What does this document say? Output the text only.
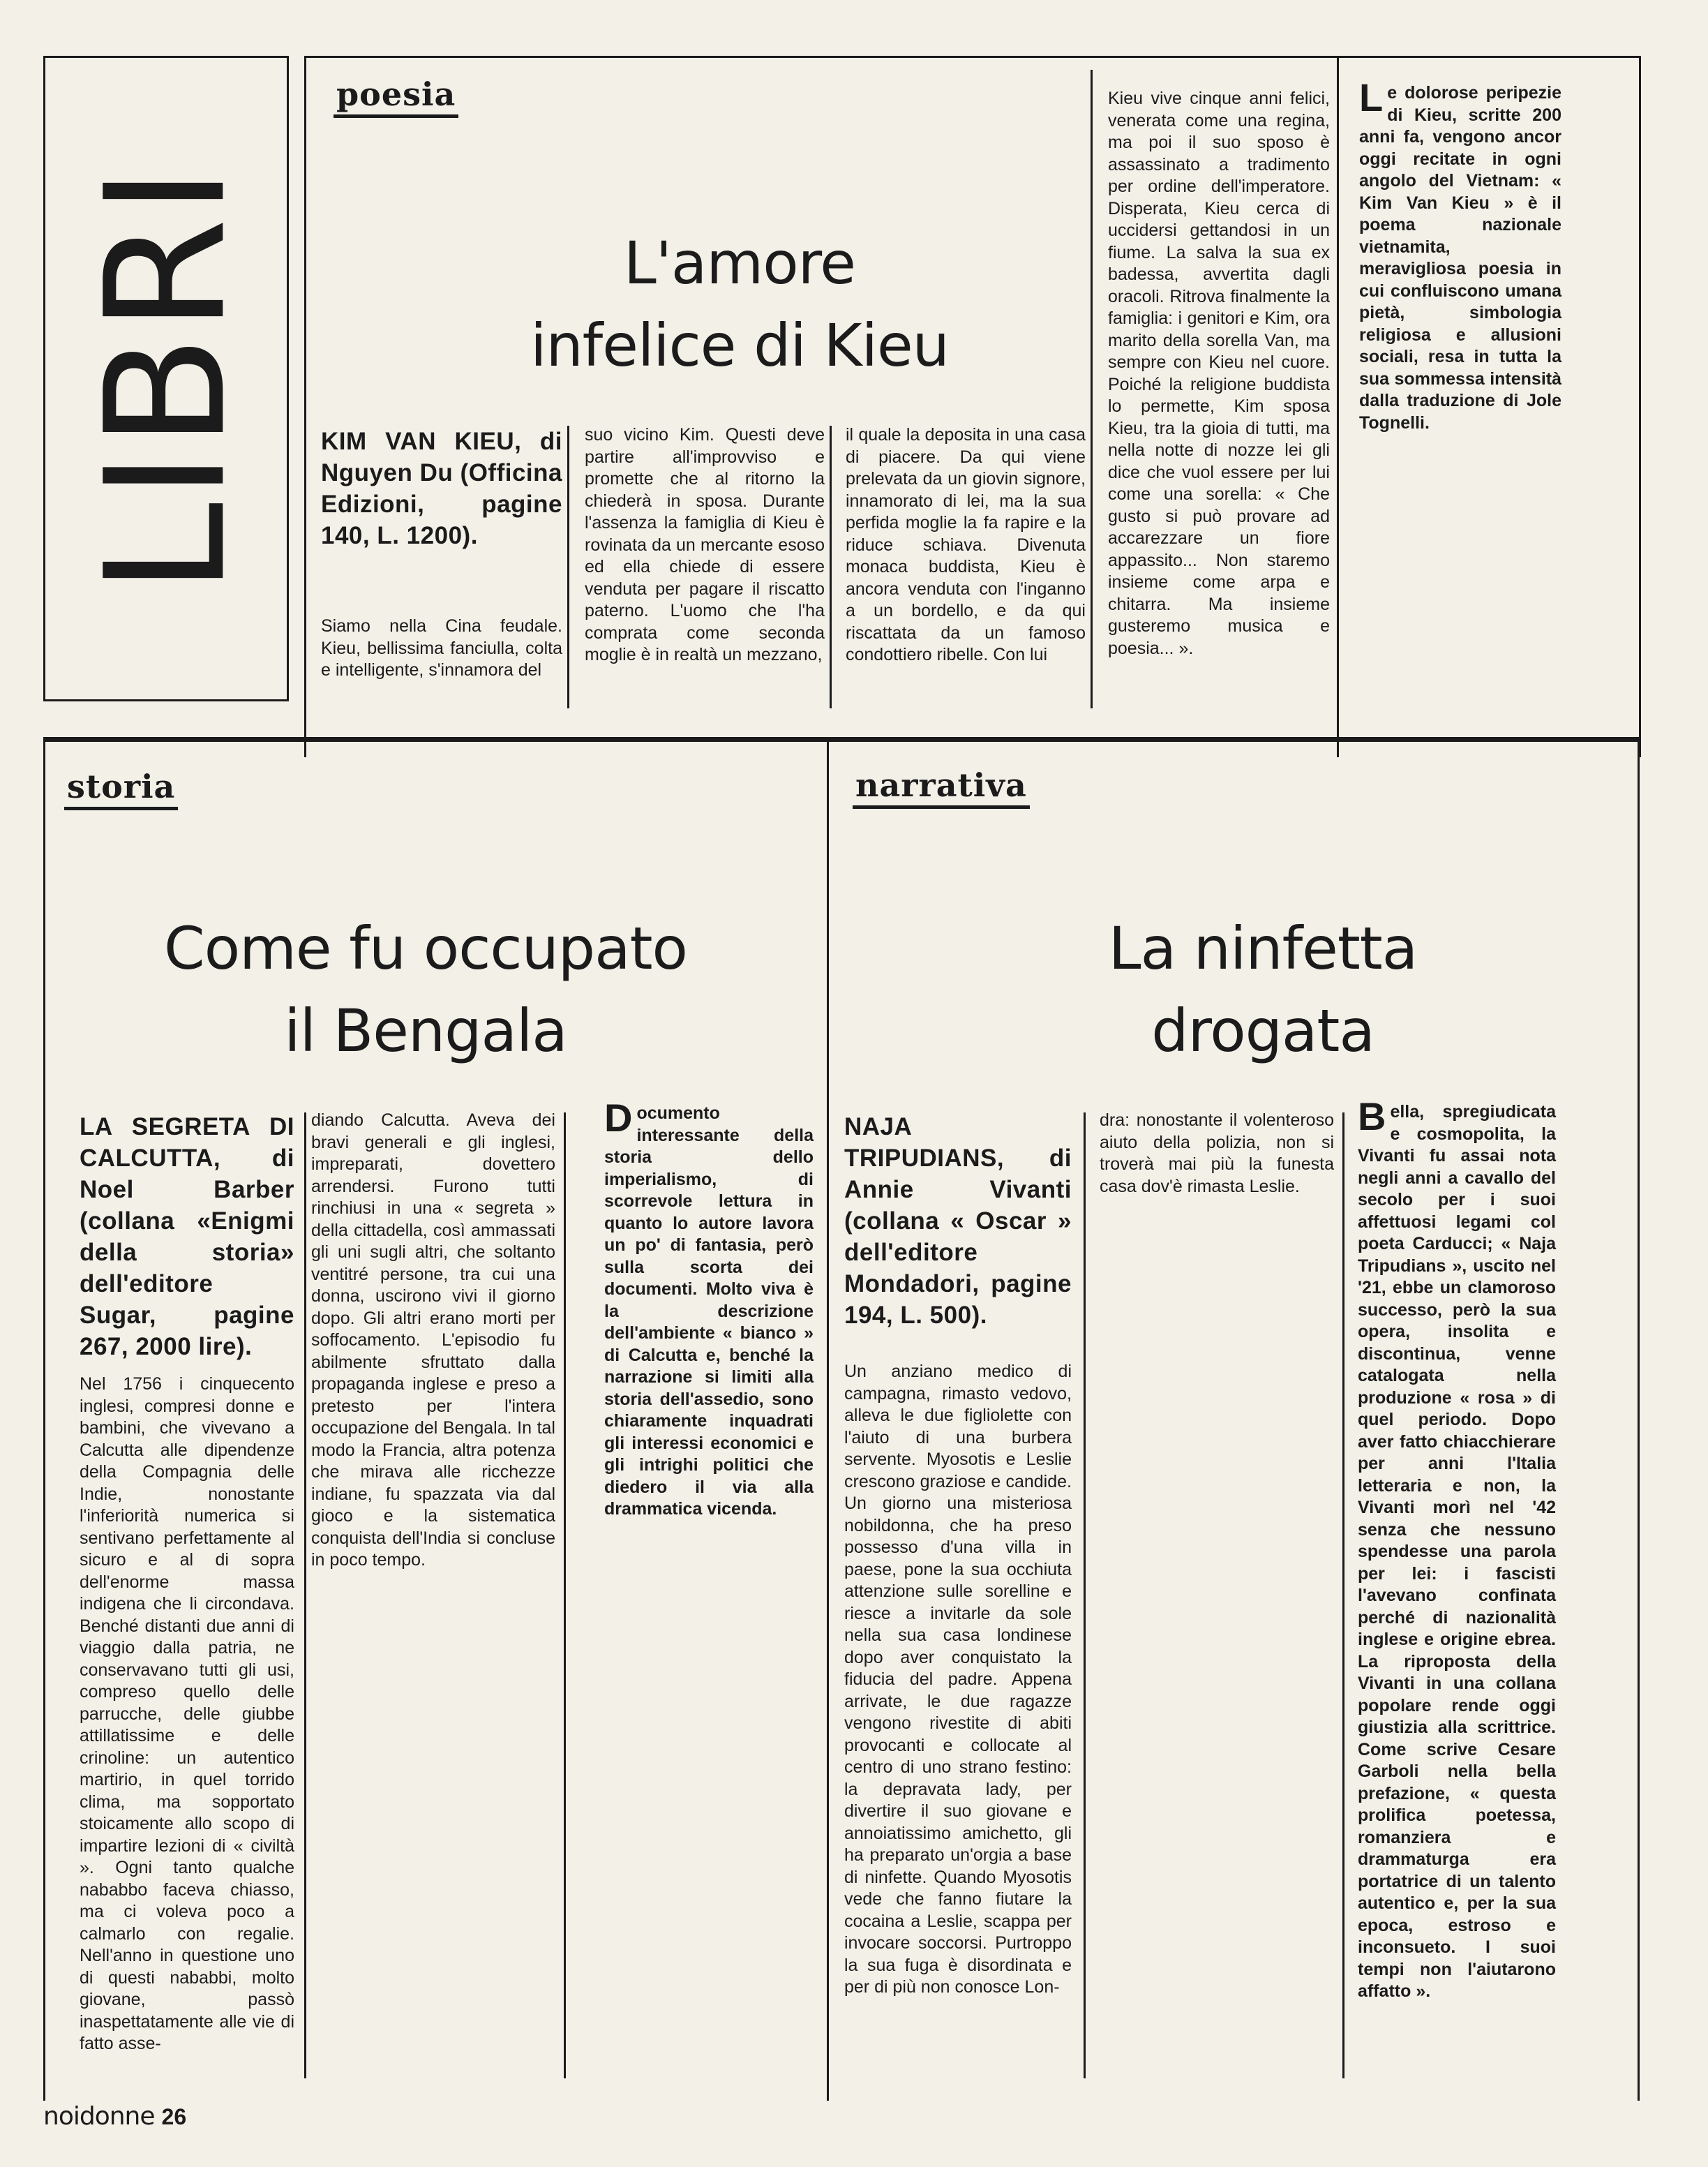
LIBRI

poesia

L'amore

infelice di Kieu

KIM VAN KIEU, di Nguyen Du (Officina Edizioni, pagine 140, L. 1200).

Siamo nella Cina feudale. Kieu, bellissima fanciulla, colta e intelligente, s'innamora del

suo vicino Kim. Questi deve partire all'improvviso e promette che al ritorno la chiederà in sposa. Durante l'assenza la famiglia di Kieu è rovinata da un mercante esoso ed ella chiede di essere venduta per pagare il riscatto paterno. L'uomo che l'ha comprata come seconda moglie è in realtà un mezzano,

il quale la deposita in una casa di piacere. Da qui viene prelevata da un giovin signore, innamorato di lei, ma la sua perfida moglie la fa rapire e la riduce schiava. Divenuta monaca buddista, Kieu è ancora venduta con l'inganno a un bordello, e da qui riscattata da un famoso condottiero ribelle. Con lui

Kieu vive cinque anni felici, venerata come una regina, ma poi il suo sposo è assassinato a tradimento per ordine dell'imperatore. Disperata, Kieu cerca di uccidersi gettandosi in un fiume. La salva la sua ex badessa, avvertita dagli oracoli. Ritrova finalmente la famiglia: i genitori e Kim, ora marito della sorella Van, ma sempre con Kieu nel cuore. Poiché la religione buddista lo permette, Kim sposa Kieu, tra la gioia di tutti, ma nella notte di nozze lei gli dice che vuol essere per lui come una sorella: « Che gusto si può provare ad accarezzare un fiore appassito... Non staremo insieme come arpa e chitarra. Ma insieme gusteremo musica e poesia... ».

Le dolorose peripezie di Kieu, scritte 200 anni fa, vengono ancor oggi recitate in ogni angolo del Vietnam: « Kim Van Kieu » è il poema nazionale vietnamita, meravigliosa poesia in cui confluiscono umana pietà, simbologia religiosa e allusioni sociali, resa in tutta la sua sommessa intensità dalla traduzione di Jole Tognelli.

storia

Come fu occupato

il Bengala

LA SEGRETA DI CALCUTTA, di Noel Barber (collana «Enigmi della storia» dell'editore Sugar, pagine 267, 2000 lire).

Nel 1756 i cinquecento inglesi, compresi donne e bambini, che vivevano a Calcutta alle dipendenze della Compagnia delle Indie, nonostante l'inferiorità numerica si sentivano perfettamente al sicuro e al di sopra dell'enorme massa indigena che li circondava. Benché distanti due anni di viaggio dalla patria, ne conservavano tutti gli usi, compreso quello delle parrucche, delle giubbe attillatissime e delle crinoline: un autentico martirio, in quel torrido clima, ma sopportato stoicamente allo scopo di impartire lezioni di « civiltà ». Ogni tanto qualche nababbo faceva chiasso, ma ci voleva poco a calmarlo con regalie. Nell'anno in questione uno di questi nababbi, molto giovane, passò inaspettatamente alle vie di fatto asse-

diando Calcutta. Aveva dei bravi generali e gli inglesi, impreparati, dovettero arrendersi. Furono tutti rinchiusi in una « segreta » della cittadella, così ammassati gli uni sugli altri, che soltanto ventitré persone, tra cui una donna, uscirono vivi il giorno dopo. Gli altri erano morti per soffocamento. L'episodio fu abilmente sfruttato dalla propaganda inglese e preso a pretesto per l'intera occupazione del Bengala. In tal modo la Francia, altra potenza che mirava alle ricchezze indiane, fu spazzata via dal gioco e la sistematica conquista dell'India si concluse in poco tempo.

Documento interessante della storia dello imperialismo, di scorrevole lettura in quanto lo autore lavora un po' di fantasia, però sulla scorta dei documenti. Molto viva è la descrizione dell'ambiente « bianco » di Calcutta e, benché la narrazione si limiti alla storia dell'assedio, sono chiaramente inquadrati gli interessi economici e gli intrighi politici che diedero il via alla drammatica vicenda.

narrativa

La ninfetta

drogata

NAJA TRIPUDIANS, di Annie Vivanti (collana « Oscar » dell'editore Mondadori, pagine 194, L. 500).

Un anziano medico di campagna, rimasto vedovo, alleva le due figliolette con l'aiuto di una burbera servente. Myosotis e Leslie crescono graziose e candide. Un giorno una misteriosa nobildonna, che ha preso possesso d'una villa in paese, pone la sua occhiuta attenzione sulle sorelline e riesce a invitarle da sole nella sua casa londinese dopo aver conquistato la fiducia del padre. Appena arrivate, le due ragazze vengono rivestite di abiti provocanti e collocate al centro di uno strano festino: la depravata lady, per divertire il suo giovane e annoiatissimo amichetto, gli ha preparato un'orgia a base di ninfette. Quando Myosotis vede che fanno fiutare la cocaina a Leslie, scappa per invocare soccorsi. Purtroppo la sua fuga è disordinata e per di più non conosce Lon-

dra: nonostante il volenteroso aiuto della polizia, non si troverà mai più la funesta casa dov'è rimasta Leslie.

Bella, spregiudicata e cosmopolita, la Vivanti fu assai nota negli anni a cavallo del secolo per i suoi affettuosi legami col poeta Carducci; « Naja Tripudians », uscito nel '21, ebbe un clamoroso successo, però la sua opera, insolita e discontinua, venne catalogata nella produzione « rosa » di quel periodo. Dopo aver fatto chiacchierare per anni l'Italia letteraria e non, la Vivanti morì nel '42 senza che nessuno spendesse una parola per lei: i fascisti l'avevano confinata perché di nazionalità inglese e origine ebrea. La riproposta della Vivanti in una collana popolare rende oggi giustizia alla scrittrice. Come scrive Cesare Garboli nella bella prefazione, « questa prolifica poetessa, romanziera e drammaturga era portatrice di un talento autentico e, per la sua epoca, estroso e inconsueto. I suoi tempi non l'aiutarono affatto ».

noidonne 26
